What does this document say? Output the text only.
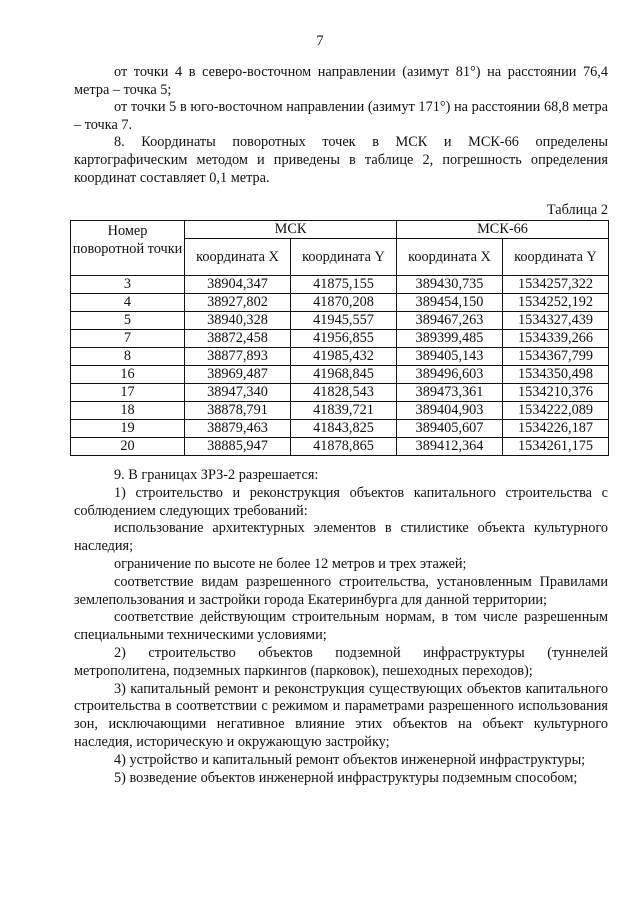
7

от точки 4 в северо-восточном направлении (азимут 81°) на расстоянии 76,4 метра – точка 5;

от точки 5 в юго-восточном направлении (азимут 171°) на расстоянии 68,8 метра – точка 7.

8. Координаты поворотных точек в МСК и МСК-66 определены картографическим методом и приведены в таблице 2, погрешность определения координат составляет 0,1 метра.

Таблица 2
Номер поворотной точки	МСК		МСК-66	
	координата X	координата Y	координата X	координата Y
3	38904,347	41875,155	389430,735	1534257,322
4	38927,802	41870,208	389454,150	1534252,192
5	38940,328	41945,557	389467,263	1534327,439
7	38872,458	41956,855	389399,485	1534339,266
8	38877,893	41985,432	389405,143	1534367,799
16	38969,487	41968,845	389496,603	1534350,498
17	38947,340	41828,543	389473,361	1534210,376
18	38878,791	41839,721	389404,903	1534222,089
19	38879,463	41843,825	389405,607	1534226,187
20	38885,947	41878,865	389412,364	1534261,175

9. В границах ЗРЗ-2 разрешается:

1) строительство и реконструкция объектов капитального строительства с соблюдением следующих требований:

использование архитектурных элементов в стилистике объекта культурного наследия;

ограничение по высоте не более 12 метров и трех этажей;

соответствие видам разрешенного строительства, установленным Правилами землепользования и застройки города Екатеринбурга для данной территории;

соответствие действующим строительным нормам, в том числе разрешенным специальными техническими условиями;

2) строительство объектов подземной инфраструктуры (туннелей метрополитена, подземных паркингов (парковок), пешеходных переходов);

3) капитальный ремонт и реконструкция существующих объектов капитального строительства в соответствии с режимом и параметрами разрешенного использования зон, исключающими негативное влияние этих объектов на объект культурного наследия, историческую и окружающую застройку;

4) устройство и капитальный ремонт объектов инженерной инфраструктуры;

5) возведение объектов инженерной инфраструктуры подземным способом;
